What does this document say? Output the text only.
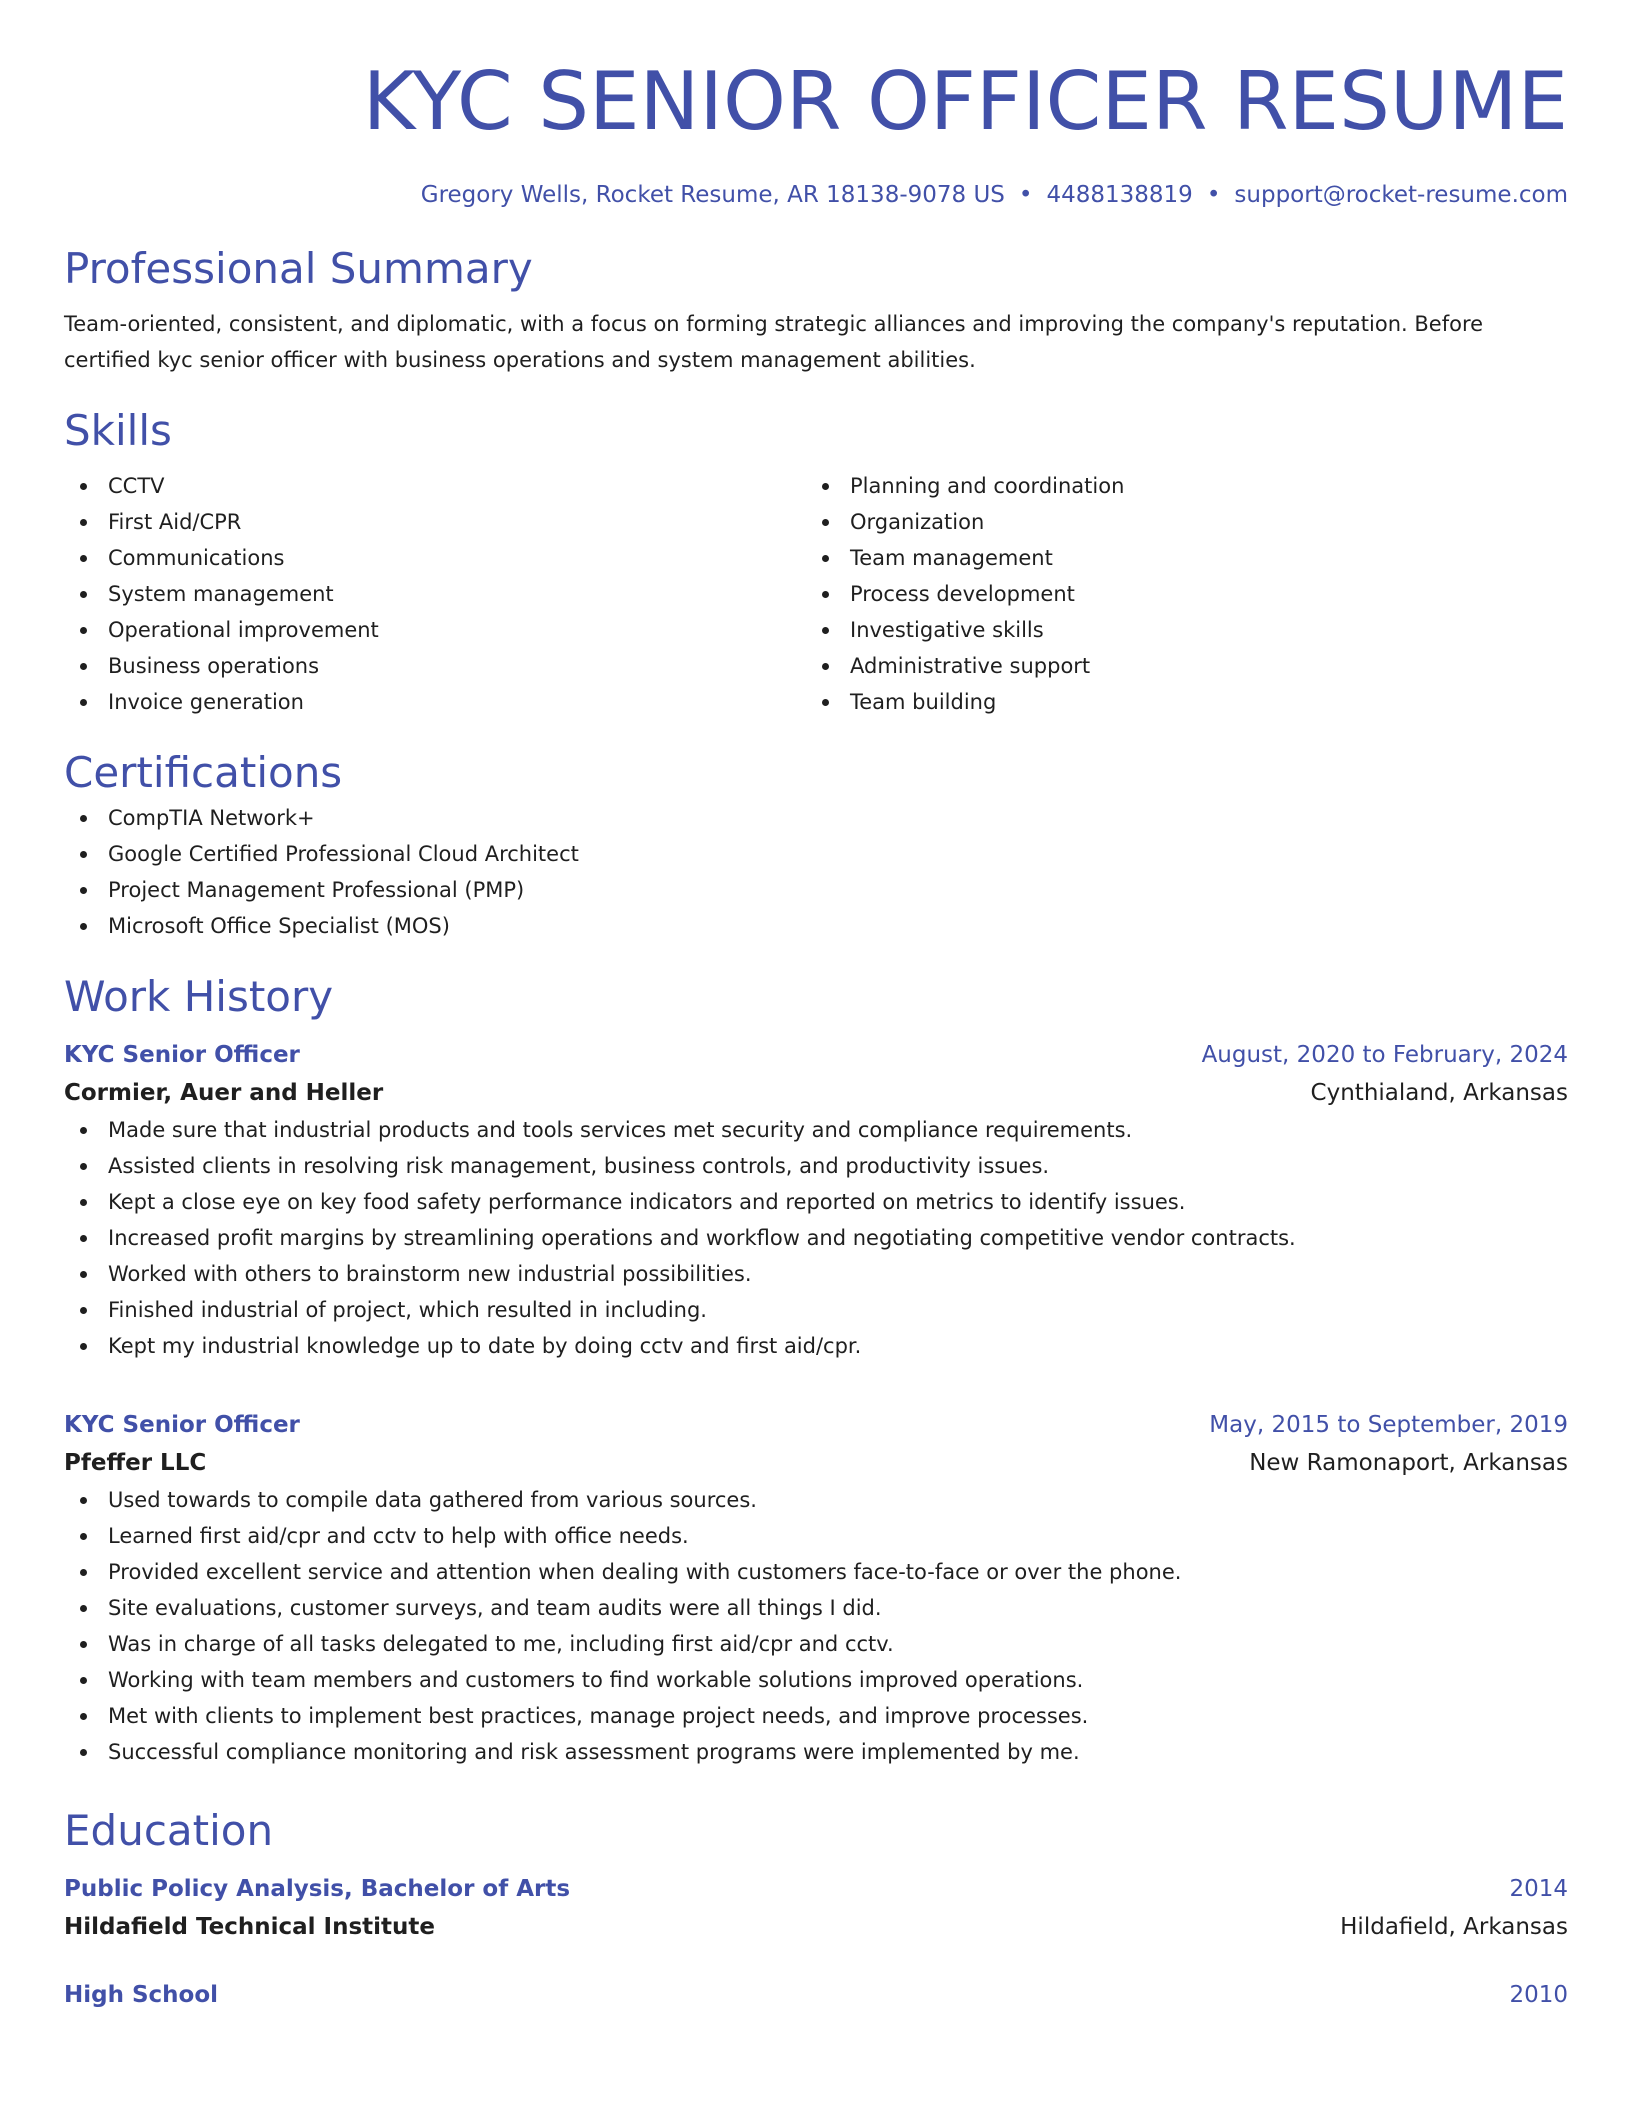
KYC SENIOR OFFICER RESUME
Gregory Wells, Rocket Resume, AR 18138-9078 US • 4488138819 • support@rocket-resume.com
Professional Summary

Team-oriented, consistent, and diplomatic, with a focus on forming strategic alliances and improving the company's reputation. Before certified kyc senior officer with business operations and system management abilities.

Skills
CCTV
First Aid/CPR
Communications
System management
Operational improvement
Business operations
Invoice generation
Planning and coordination
Organization
Team management
Process development
Investigative skills
Administrative support
Team building
Certifications
CompTIA Network+
Google Certified Professional Cloud Architect
Project Management Professional (PMP)
Microsoft Office Specialist (MOS)
Work History
KYC Senior Officer	August, 2020 to February, 2024
Cormier, Auer and Heller	Cynthialand, Arkansas
Made sure that industrial products and tools services met security and compliance requirements.
Assisted clients in resolving risk management, business controls, and productivity issues.
Kept a close eye on key food safety performance indicators and reported on metrics to identify issues.
Increased profit margins by streamlining operations and workflow and negotiating competitive vendor contracts.
Worked with others to brainstorm new industrial possibilities.
Finished industrial of project, which resulted in including.
Kept my industrial knowledge up to date by doing cctv and first aid/cpr.
KYC Senior Officer	May, 2015 to September, 2019
Pfeffer LLC	New Ramonaport, Arkansas
Used towards to compile data gathered from various sources.
Learned first aid/cpr and cctv to help with office needs.
Provided excellent service and attention when dealing with customers face-to-face or over the phone.
Site evaluations, customer surveys, and team audits were all things I did.
Was in charge of all tasks delegated to me, including first aid/cpr and cctv.
Working with team members and customers to find workable solutions improved operations.
Met with clients to implement best practices, manage project needs, and improve processes.
Successful compliance monitoring and risk assessment programs were implemented by me.
Education
Public Policy Analysis, Bachelor of Arts	2014
Hildafield Technical Institute	Hildafield, Arkansas
High School	2010
